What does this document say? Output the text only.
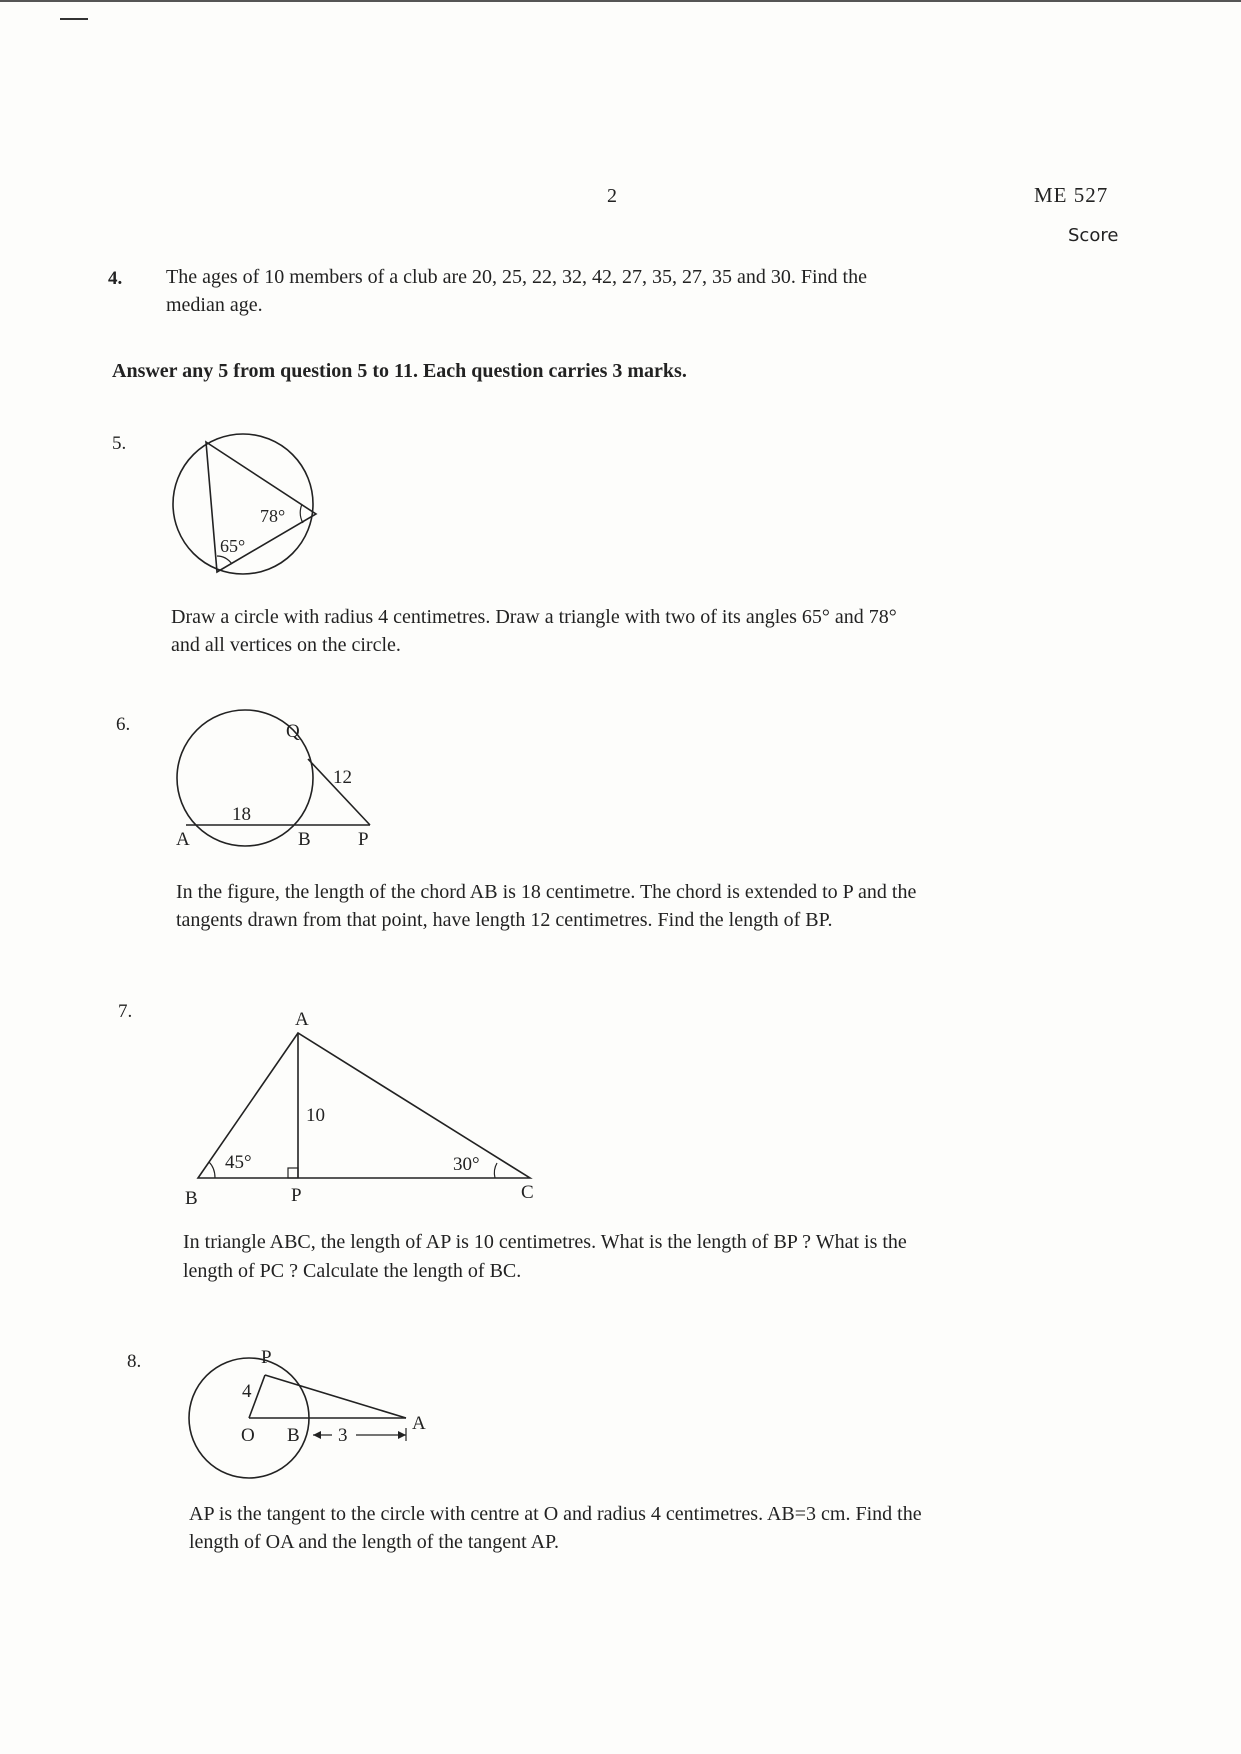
2	ME 527
Score
4. The ages of 10 members of a club are 20, 25, 22, 32, 42, 27, 35, 27, 35 and 30. Find the
median age.
Answer any 5 from question 5 to 11. Each question carries 3 marks.
5.
78°
65°
Draw a circle with radius 4 centimetres. Draw a triangle with two of its angles 65° and 78°
and all vertices on the circle.
6.	Q
12
18
A	B P
In the figure, the length of the chord AB is 18 centimetre. The chord is extended to P and the
tangents drawn from that point, have length 12 centimetres. Find the length of BP.
7.	A
10
45°	30°
B	P	C
In triangle ABC, the length of AP is 10 centimetres. What is the length of BP ? What is the
length of PC ? Calculate the length of BC.
8.	P
4
O B 3
A
AP is the tangent to the circle with centre at O and radius 4 centimetres. AB=3 cm. Find the
length of OA and the length of the tangent AP.
